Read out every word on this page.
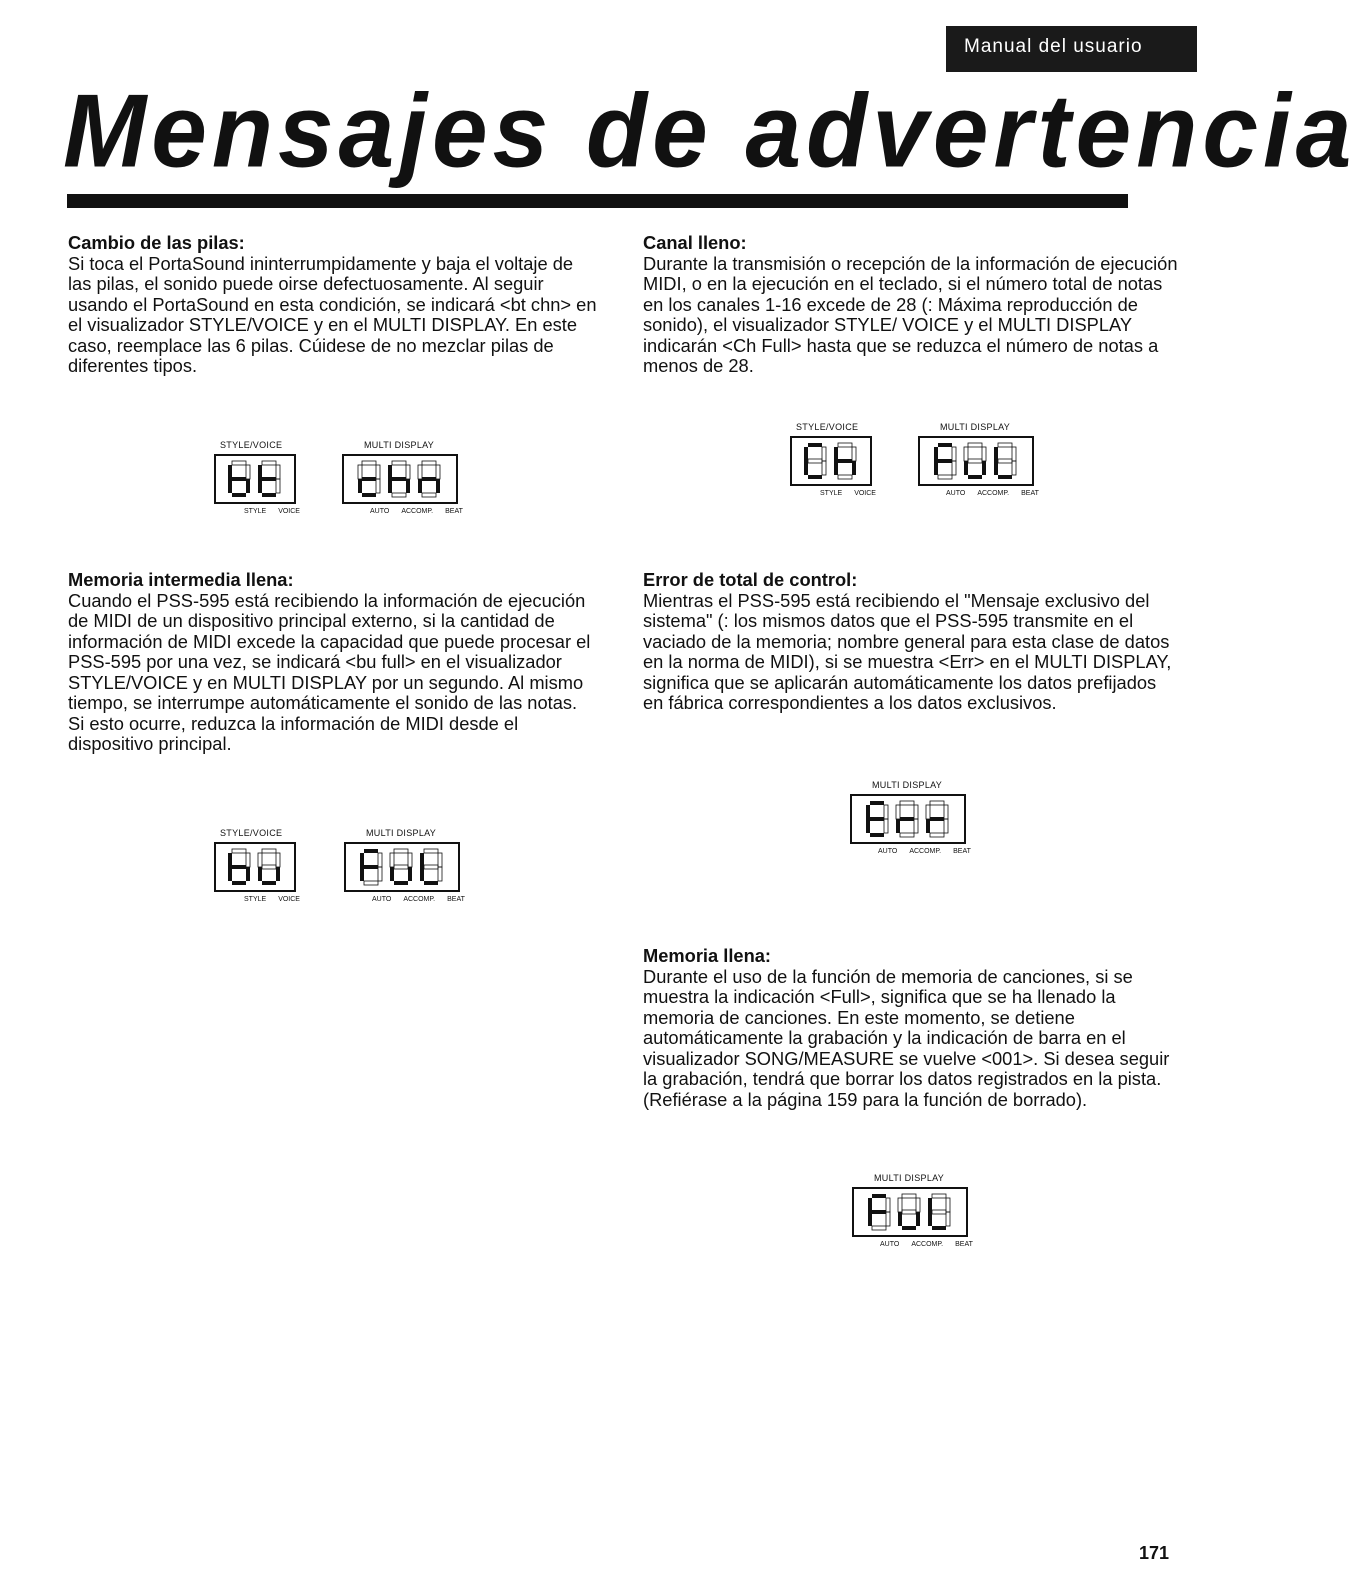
Manual del usuario
Mensajes de advertencia
Cambio de las pilas:

Si toca el PortaSound ininterrumpidamente y baja el voltaje de las pilas, el sonido puede oirse defectuosamente. Al seguir usando el PortaSound en esta condición, se indicará <bt chn> en el visualizador STYLE/VOICE y en el MULTI DISPLAY. En este caso, reemplace las 6 pilas. Cúidese de no mezclar pilas de diferentes tipos.

STYLE/VOICE
STYLE VOICE
MULTI DISPLAY
AUTO ACCOMP. BEAT
Memoria intermedia llena:

Cuando el PSS-595 está recibiendo la información de ejecución de MIDI de un dispositivo principal externo, si la cantidad de información de MIDI excede la capacidad que puede procesar el PSS-595 por una vez, se indicará <bu full> en el visualizador STYLE/VOICE y en MULTI DISPLAY por un segundo. Al mismo tiempo, se interrumpe automáticamente el sonido de las notas. Si esto ocurre, reduzca la información de MIDI desde el dispositivo principal.

STYLE/VOICE
STYLE VOICE
MULTI DISPLAY
AUTO ACCOMP. BEAT
Canal lleno:

Durante la transmisión o recepción de la información de ejecución MIDI, o en la ejecución en el teclado, si el número total de notas en los canales 1-16 excede de 28 (: Máxima reproducción de sonido), el visualizador STYLE/ VOICE y el MULTI DISPLAY indicarán <Ch Full> hasta que se reduzca el número de notas a menos de 28.

STYLE/VOICE
STYLE VOICE
MULTI DISPLAY
AUTO ACCOMP. BEAT
Error de total de control:

Mientras el PSS-595 está recibiendo el "Mensaje exclusivo del sistema" (: los mismos datos que el PSS-595 transmite en el vaciado de la memoria; nombre general para esta clase de datos en la norma de MIDI), si se muestra <Err> en el MULTI DISPLAY, significa que se aplicarán automáticamente los datos prefijados en fábrica correspondientes a los datos exclusivos.

MULTI DISPLAY
AUTO ACCOMP. BEAT
Memoria llena:

Durante el uso de la función de memoria de canciones, si se muestra la indicación <Full>, significa que se ha llenado la memoria de canciones. En este momento, se detiene automáticamente la grabación y la indicación de barra en el visualizador SONG/MEASURE se vuelve <001>. Si desea seguir la grabación, tendrá que borrar los datos registrados en la pista. (Refiérase a la página 159 para la función de borrado).

MULTI DISPLAY
AUTO ACCOMP. BEAT
171
